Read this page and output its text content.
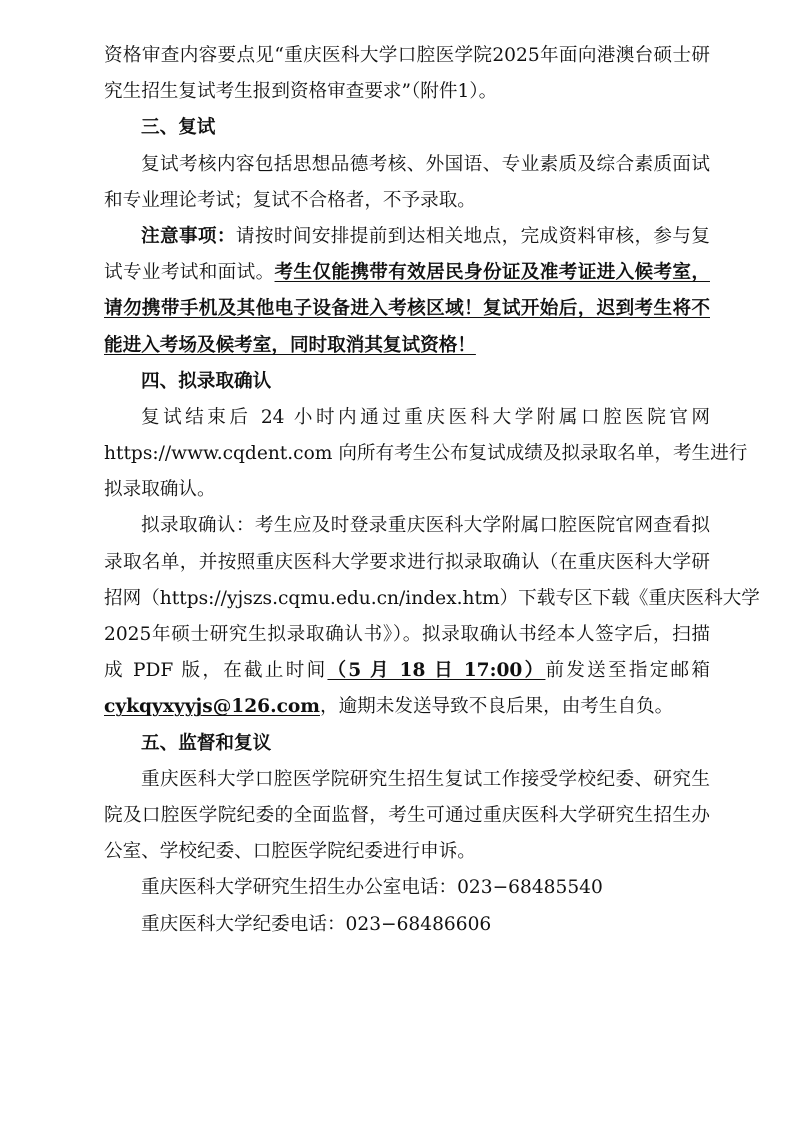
资格审查内容要点见“重庆医科大学口腔医学院2025年面向港澳台硕士研
究生招生复试考生报到资格审查要求”（附件1）。
三、复试
复试考核内容包括思想品德考核、外国语、专业素质及综合素质面试
和专业理论考试；复试不合格者，不予录取。
注意事项：请按时间安排提前到达相关地点，完成资料审核，参与复
试专业考试和面试。考生仅能携带有效居民身份证及准考证进入候考室，
请勿携带手机及其他电子设备进入考核区域！复试开始后，迟到考生将不
能进入考场及候考室，同时取消其复试资格！
四、拟录取确认
复试结束后 24 小时内通过重庆医科大学附属口腔医院官网
https://www.cqdent.com 向所有考生公布复试成绩及拟录取名单，考生进行
拟录取确认。
拟录取确认：考生应及时登录重庆医科大学附属口腔医院官网查看拟
录取名单，并按照重庆医科大学要求进行拟录取确认（在重庆医科大学研
招网（https://yjszs.cqmu.edu.cn/index.htm）下载专区下载《重庆医科大学
2025年硕士研究生拟录取确认书》）。拟录取确认书经本人签字后，扫描
成 PDF 版，在截止时间（5 月 18 日 17:00）前发送至指定邮箱
cykqyxyyjs@126.com，逾期未发送导致不良后果，由考生自负。
五、监督和复议
重庆医科大学口腔医学院研究生招生复试工作接受学校纪委、研究生
院及口腔医学院纪委的全面监督，考生可通过重庆医科大学研究生招生办
公室、学校纪委、口腔医学院纪委进行申诉。
重庆医科大学研究生招生办公室电话：023−68485540
重庆医科大学纪委电话：023−68486606
